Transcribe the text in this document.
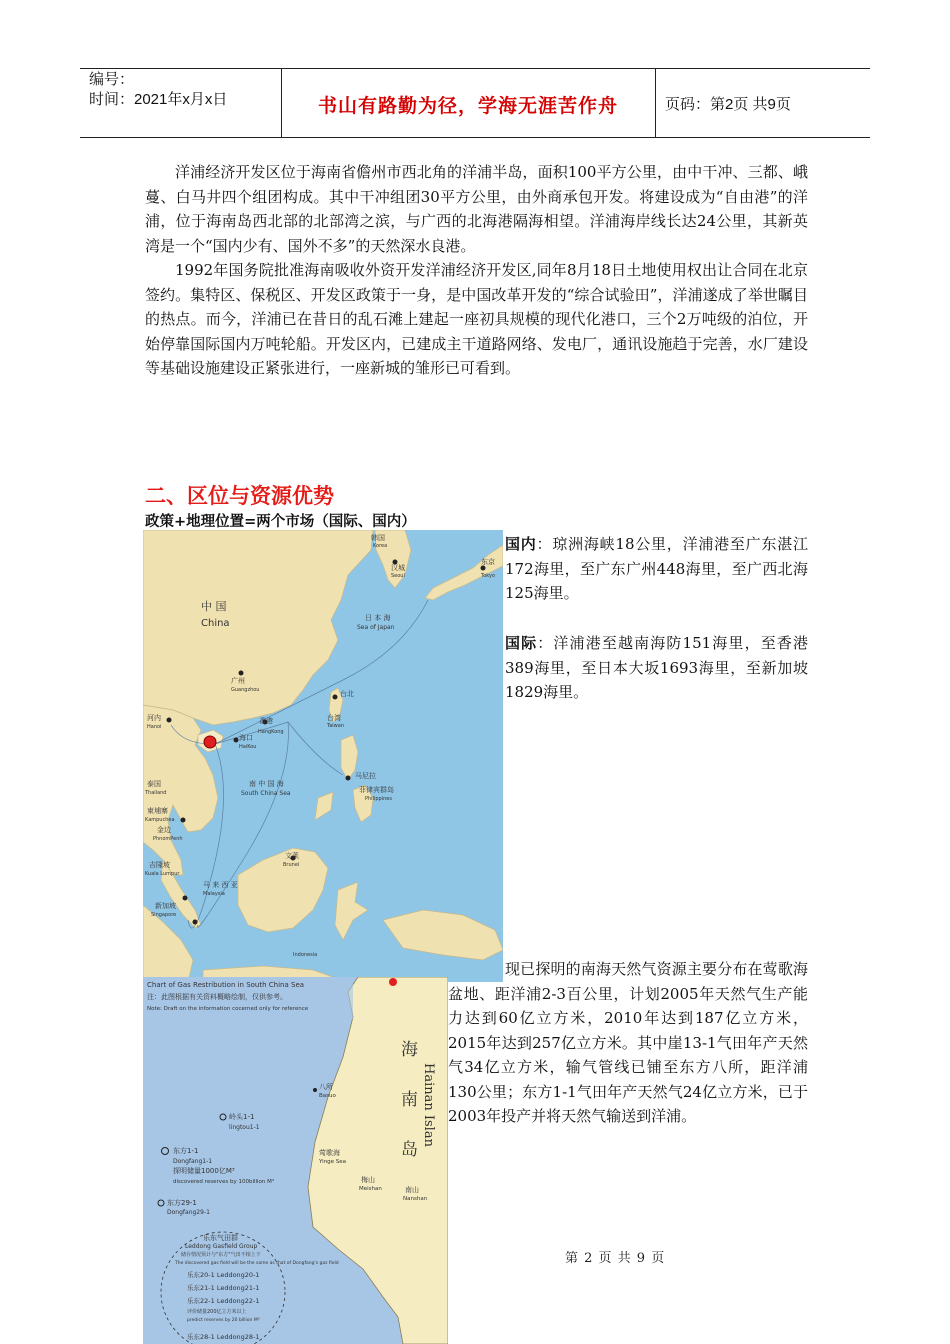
编号：
时间：2021年x月x日	书山有路勤为径，学海无涯苦作舟	页码：第2页 共9页
洋浦经济开发区位于海南省儋州市西北角的洋浦半岛，面积100平方公里，由中干冲、三都、峨蔓、白马井四个组团构成。其中干冲组团30平方公里，由外商承包开发。将建设成为“自由港”的洋浦，位于海南岛西北部的北部湾之滨，与广西的北海港隔海相望。洋浦海岸线长达24公里，其新英湾是一个“国内少有、国外不多”的天然深水良港。
1992年国务院批准海南吸收外资开发洋浦经济开发区,同年8月18日土地使用权出让合同在北京签约。集特区、保税区、开发区政策于一身，是中国改革开发的“综合试验田”，洋浦遂成了举世瞩目的热点。而今，洋浦已在昔日的乱石滩上建起一座初具规模的现代化港口，三个2万吨级的泊位，开始停靠国际国内万吨轮船。开发区内，已建成主干道路网络、发电厂，通讯设施趋于完善，水厂建设等基础设施建设正紧张进行，一座新城的雏形已可看到。
二、区位与资源优势
政策+地理位置=两个市场（国际、国内）
中 国
China
韩国
Korea
汉城
Seoul
东京
Tokyo
日 本 海
Sea of Japan
广州
Guangzhou	台北
台湾
Taiwan
香港
HangKong
海口
HaiKou
河内
Hanoi
南 中 国 海
South China Sea
马尼拉
菲律宾群岛
Philippines
泰国
Thailand
柬埔寨
Kampuchea
金边
PhnomPenh
文莱
Brunei
马 来 西 亚
Malaysia
吉隆坡
Kuala Lumpur
新加坡
Singapore
Indonesia
国内：琼洲海峡18公里，洋浦港至广东湛江172海里，至广东广州448海里，至广西北海125海里。
国际：洋浦港至越南海防151海里，至香港389海里，至日本大坂1693海里，至新加坡1829海里。
Chart of Gas Restribution in South China Sea
注：此图根据有关资料概略绘制，仅供参考。
Note: Draft on the information cocerned only for reference
海
南
岛
Hainan Islan
八所
Basuo
莺歌海
Yinge Sea
梅山
Meishan	南山
Nanshan
岭头1-1
lingtou1-1
东方1-1
Dongfang1-1
探明储量1000亿M³
discovered reserves by 100billion M³
东方29-1
Dongfang29-1
乐东气田群
Leddong Gasfield Group
储存情况预计与"东方"气田不相上下
The discovered gas field will be the same as that of Dongfang's gas field
乐东20-1 Leddong20-1
乐东21-1 Leddong21-1
乐东22-1 Leddong22-1
评价储量200亿立方米以上
predict reserves by 20 billion M³
乐东28-1 Leddong28-1
现已探明的南海天然气资源主要分布在莺歌海盆地、距洋浦2-3百公里，计划2005年天然气生产能力达到60亿立方米，2010年达到187亿立方米，2015年达到257亿立方米。其中崖13-1气田年产天然气34亿立方米，输气管线已铺至东方八所，距洋浦130公里；东方1-1气田年产天然气24亿立方米，已于2003年投产并将天然气输送到洋浦。
第 2 页 共 9 页
